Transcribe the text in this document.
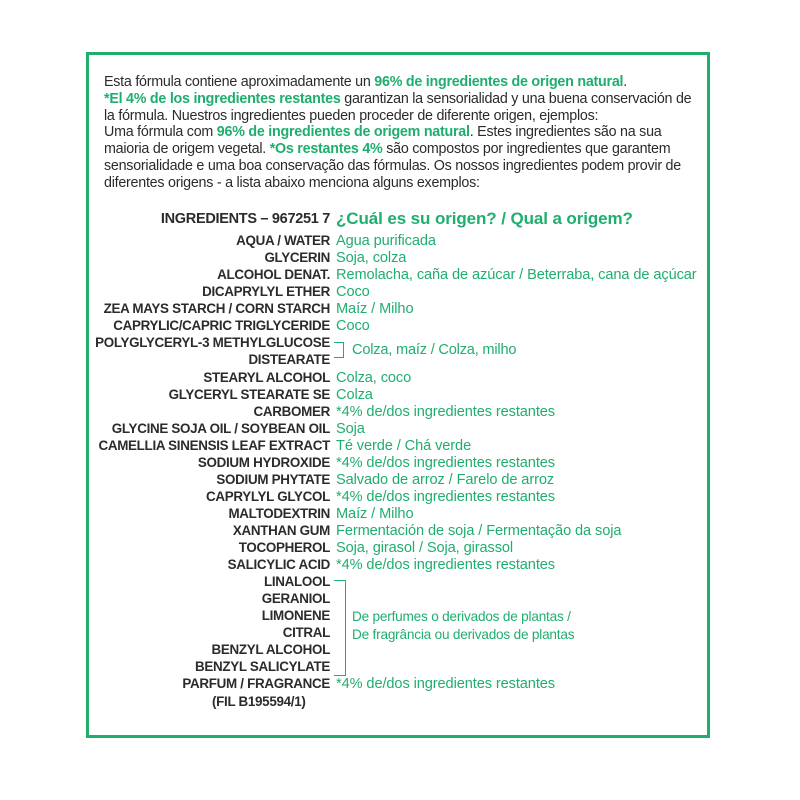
Esta fórmula contiene aproximadamente un 96% de ingredientes de origen natural.
*El 4% de los ingredientes restantes garantizan la sensorialidad y una buena conservación de la fórmula. Nuestros ingredientes pueden proceder de diferente origen, ejemplos:

Uma fórmula com 96% de ingredientes de origem natural. Estes ingredientes são na sua maioria de origem vegetal. *Os restantes 4% são compostos por ingredientes que garantem sensorialidade e uma boa conservação das fórmulas. Os nossos ingredientes podem provir de diferentes origens - a lista abaixo menciona alguns exemplos:

INGREDIENTS – 967251 7 ¿Cuál es su origen? / Qual a origem?
AQUA / WATER Agua purificada
GLYCERIN Soja, colza
ALCOHOL DENAT. Remolacha, caña de azúcar / Beterraba, cana de açúcar
DICAPRYLYL ETHER Coco
ZEA MAYS STARCH / CORN STARCH Maíz / Milho
CAPRYLIC/CAPRIC TRIGLYCERIDE Coco
POLYGLYCERYL-3 METHYLGLUCOSE
DISTEARATE
STEARYL ALCOHOL Colza, coco
GLYCERYL STEARATE SE Colza
CARBOMER *4% de/dos ingredientes restantes
GLYCINE SOJA OIL / SOYBEAN OIL Soja
CAMELLIA SINENSIS LEAF EXTRACT Té verde / Chá verde
SODIUM HYDROXIDE *4% de/dos ingredientes restantes
SODIUM PHYTATE Salvado de arroz / Farelo de arroz
CAPRYLYL GLYCOL *4% de/dos ingredientes restantes
MALTODEXTRIN Maíz / Milho
XANTHAN GUM Fermentación de soja / Fermentação da soja
TOCOPHEROL Soja, girasol / Soja, girassol
SALICYLIC ACID *4% de/dos ingredientes restantes
LINALOOL
GERANIOL
LIMONENE
CITRAL
BENZYL ALCOHOL
BENZYL SALICYLATE
PARFUM / FRAGRANCE *4% de/dos ingredientes restantes
(FIL B195594/1)
Colza, maíz / Colza, milho
De perfumes o derivados de plantas /
De fragrância ou derivados de plantas
